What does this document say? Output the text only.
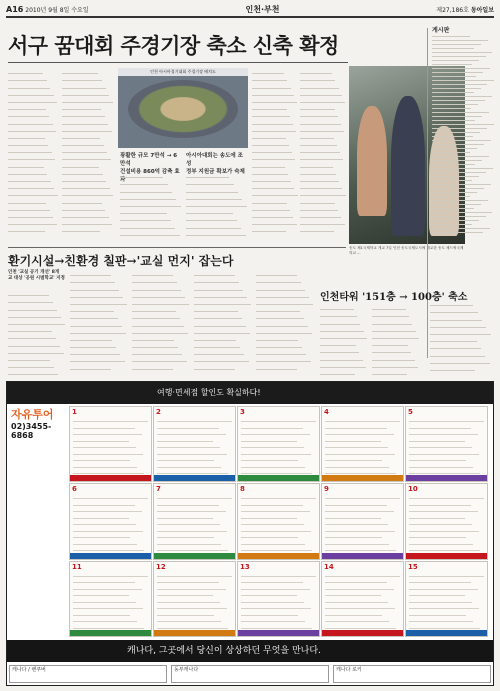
A16 2010년 9월 8일 수요일	인천·부천	제27,186호 동아일보
서구 꿈대회 주경기장 축소 신축 확정
인천 아시아경기대회 주경기장 배치도
광활한 규모 7만석 → 6만석
건설비용 860억 감축 효과
아시아대회는 송도에 조성
정부 지원금 확보가 숙제
송도 제1국제학교 개교 7일 인천 송도국제도시에 개교한 송도 채드윅국제학교 ...
게시판
환기시설→친환경 칠판→'교실 먼지' 잡는다
인천 '교실 공기 개선' 8개
교 대상 '공원 시범학교' 지정
인천타워 '151층 → 100층' 축소
여행·면세점 할인도 확실하다!
자유투어
02)3455-6868
1	2	3	4	5
6	7	8	9	10
11	12	13	14	15
캐나다, 그곳에서 당신이 상상하던 무엇을 만나다.
캐나다 / 밴쿠버	동부캐나다	캐나다 로키
